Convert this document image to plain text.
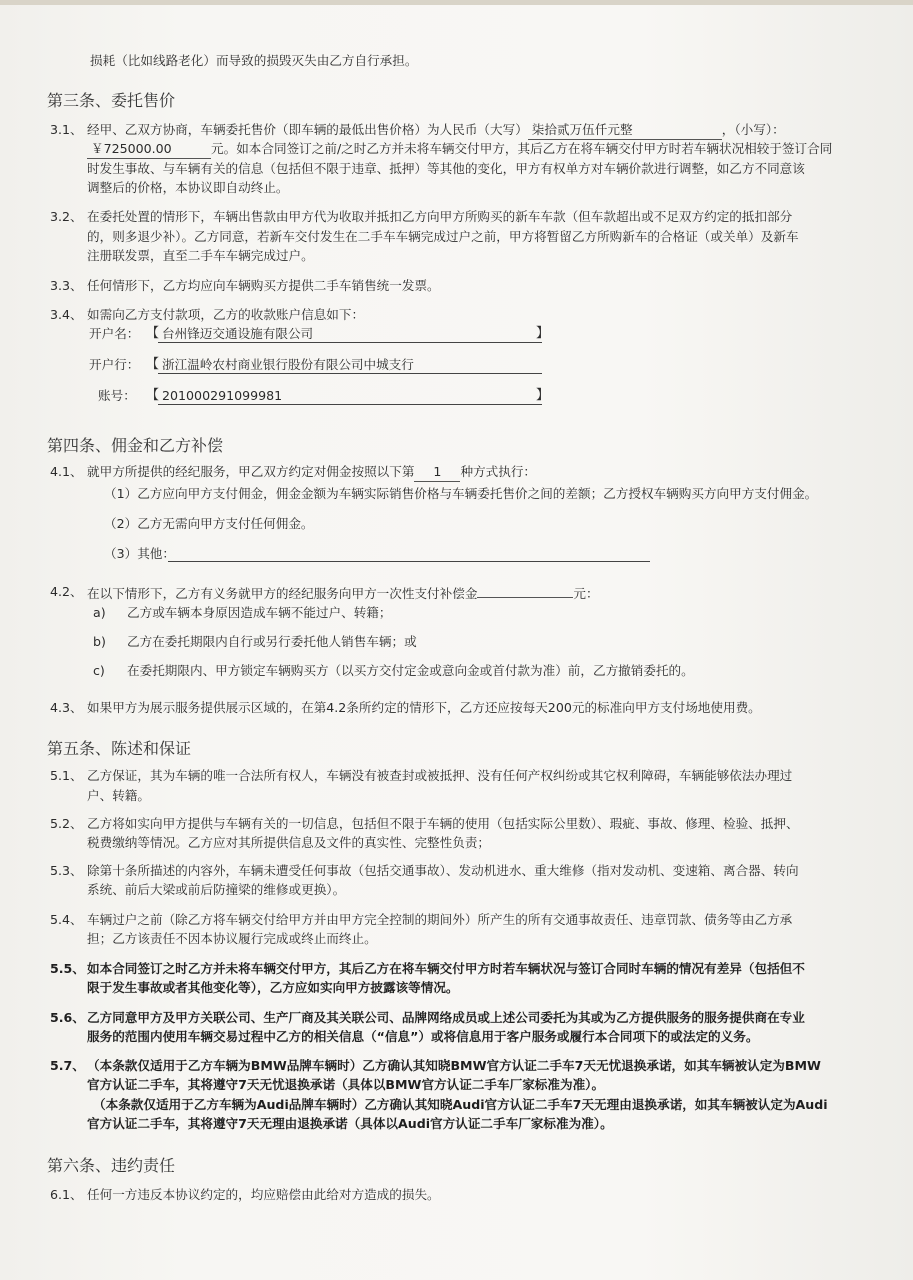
损耗（比如线路老化）而导致的损毁灭失由乙方自行承担。
第三条、委托售价
3.1、 经甲、乙双方协商，车辆委托售价（即车辆的最低出售价格）为人民币（大写） 柒拾贰万伍仟元整	，（小写）：
￥725000.00	元。如本合同签订之前/之时乙方并未将车辆交付甲方，其后乙方在将车辆交付甲方时若车辆状况相较于签订合同
时发生事故、与车辆有关的信息（包括但不限于违章、抵押）等其他的变化，甲方有权单方对车辆价款进行调整，如乙方不同意该
调整后的价格，本协议即自动终止。
3.2、 在委托处置的情形下，车辆出售款由甲方代为收取并抵扣乙方向甲方所购买的新车车款（但车款超出或不足双方约定的抵扣部分
的，则多退少补）。乙方同意，若新车交付发生在二手车车辆完成过户之前，甲方将暂留乙方所购新车的合格证（或关单）及新车
注册联发票，直至二手车车辆完成过户。
3.3、 任何情形下，乙方均应向车辆购买方提供二手车销售统一发票。
3.4、 如需向乙方支付款项，乙方的收款账户信息如下：
开户名： 【 台州锋迈交通设施有限公司	】
开户行： 【 浙江温岭农村商业银行股份有限公司中城支行
账号： 【 201000291099981	】
第四条、佣金和乙方补偿
4.1、 就甲方所提供的经纪服务，甲乙双方约定对佣金按照以下第 1 种方式执行：
（1）乙方应向甲方支付佣金，佣金金额为车辆实际销售价格与车辆委托售价之间的差额；乙方授权车辆购买方向甲方支付佣金。
（2）乙方无需向甲方支付任何佣金。
（3）其他：
4.2、 在以下情形下，乙方有义务就甲方的经纪服务向甲方一次性支付补偿金	元：
a) 乙方或车辆本身原因造成车辆不能过户、转籍；
b) 乙方在委托期限内自行或另行委托他人销售车辆；或
c) 在委托期限内、甲方锁定车辆购买方（以买方交付定金或意向金或首付款为准）前，乙方撤销委托的。
4.3、 如果甲方为展示服务提供展示区域的，在第4.2条所约定的情形下，乙方还应按每天200元的标准向甲方支付场地使用费。
第五条、陈述和保证
5.1、 乙方保证，其为车辆的唯一合法所有权人，车辆没有被查封或被抵押、没有任何产权纠纷或其它权利障碍，车辆能够依法办理过
户、转籍。
5.2、 乙方将如实向甲方提供与车辆有关的一切信息，包括但不限于车辆的使用（包括实际公里数）、瑕疵、事故、修理、检验、抵押、
税费缴纳等情况。乙方应对其所提供信息及文件的真实性、完整性负责；
5.3、 除第十条所描述的内容外，车辆未遭受任何事故（包括交通事故）、发动机进水、重大维修（指对发动机、变速箱、离合器、转向
系统、前后大梁或前后防撞梁的维修或更换）。
5.4、 车辆过户之前（除乙方将车辆交付给甲方并由甲方完全控制的期间外）所产生的所有交通事故责任、违章罚款、债务等由乙方承
担；乙方该责任不因本协议履行完成或终止而终止。
5.5、 如本合同签订之时乙方并未将车辆交付甲方，其后乙方在将车辆交付甲方时若车辆状况与签订合同时车辆的情况有差异（包括但不
限于发生事故或者其他变化等），乙方应如实向甲方披露该等情况。
5.6、 乙方同意甲方及甲方关联公司、生产厂商及其关联公司、品牌网络成员或上述公司委托为其或为乙方提供服务的服务提供商在专业
服务的范围内使用车辆交易过程中乙方的相关信息（“信息”）或将信息用于客户服务或履行本合同项下的或法定的义务。
5.7、 （本条款仅适用于乙方车辆为BMW品牌车辆时）乙方确认其知晓BMW官方认证二手车7天无忧退换承诺，如其车辆被认定为BMW
官方认证二手车，其将遵守7天无忧退换承诺（具体以BMW官方认证二手车厂家标准为准）。
（本条款仅适用于乙方车辆为Audi品牌车辆时）乙方确认其知晓Audi官方认证二手车7天无理由退换承诺，如其车辆被认定为Audi
官方认证二手车，其将遵守7天无理由退换承诺（具体以Audi官方认证二手车厂家标准为准）。
第六条、违约责任
6.1、 任何一方违反本协议约定的，均应赔偿由此给对方造成的损失。
